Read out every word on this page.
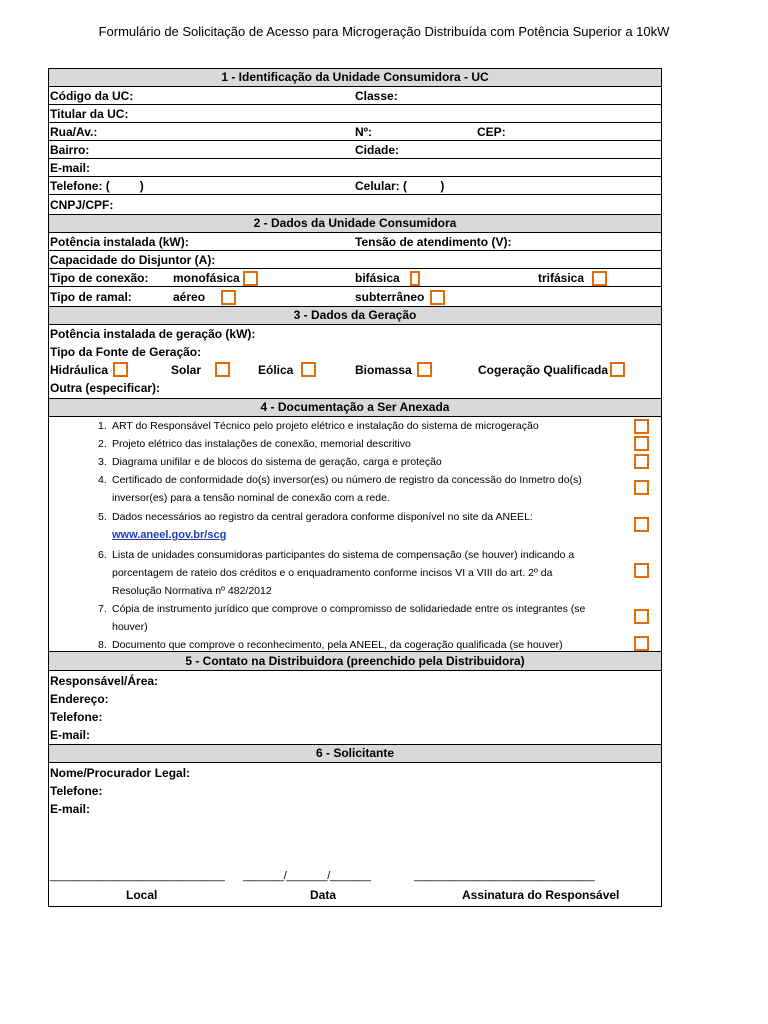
Formulário de Solicitação de Acesso para Microgeração Distribuída com Potência Superior a 10kW
1 - Identificação da Unidade Consumidora - UC
Código da UC:	Classe:
Titular da UC:
Rua/Av.:	Nº:	CEP:
Bairro:	Cidade:
E-mail:
Telefone: (         )	Celular: (          )
CNPJ/CPF:
2 - Dados da Unidade Consumidora
Potência instalada (kW):	Tensão de atendimento (V):
Capacidade do Disjuntor (A):
Tipo de conexão: monofásica	bifásica	trifásica
Tipo de ramal:	aéreo	subterrâneo
3 - Dados da Geração
Potência instalada de geração (kW):
Tipo da Fonte de Geração:
Hidráulica	Solar	Eólica	Biomassa	Cogeração Qualificada
Outra (especificar):
4 - Documentação a Ser Anexada
1. ART do Responsável Técnico pelo projeto elétrico e instalação do sistema de microgeração
2. Projeto elétrico das instalações de conexão, memorial descritivo
3. Diagrama unifilar e de blocos do sistema de geração, carga e proteção
4. Certificado de conformidade do(s) inversor(es) ou número de registro da concessão do Inmetro do(s)
inversor(es) para a tensão nominal de conexão com a rede.
5. Dados necessários ao registro da central geradora conforme disponível no site da ANEEL:
www.aneel.gov.br/scg
6. Lista de unidades consumidoras participantes do sistema de compensação (se houver) indicando a
porcentagem de rateio dos créditos e o enquadramento conforme incisos VI a VIII do art. 2º da
Resolução Normativa nº 482/2012
7. Cópia de instrumento jurídico que comprove o compromisso de solidariedade entre os integrantes (se
houver)
8. Documento que comprove o reconhecimento, pela ANEEL, da cogeração qualificada (se houver)
5 - Contato na Distribuidora (preenchido pela Distribuidora)
Responsável/Área:
Endereço:
Telefone:
E-mail:
6 - Solicitante
Nome/Procurador Legal:
Telefone:
E-mail:
______________________________ _______/_______/_______	_______________________________
Local	Data	Assinatura do Responsável
